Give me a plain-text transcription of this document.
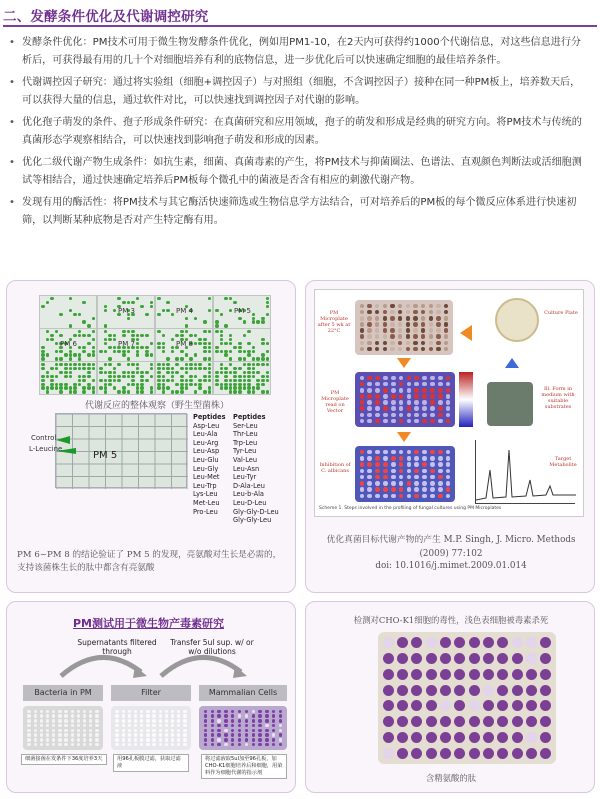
二、发酵条件优化及代谢调控研究
• 发酵条件优化：PM技术可用于微生物发酵条件优化，例如用PM1-10，在2天内可获得约1000个代谢信息，对这些信息进行分析后，可获得最有用的几十个对细胞培养有利的底物信息，进一步优化后可以快速确定细胞的最佳培养条件。
• 代谢调控因子研究：通过将实验组（细胞+调控因子）与对照组（细胞，不含调控因子）接种在同一种PM板上，培养数天后，可以获得大量的信息，通过软件对比，可以快速找到调控因子对代谢的影响。
• 优化孢子萌发的条件、孢子形成条件研究：在真菌研究和应用领域，孢子的萌发和形成是经典的研究方向。将PM技术与传统的真菌形态学观察相结合，可以快速找到影响孢子萌发和形成的因素。
• 优化二级代谢产物生成条件：如抗生素，细菌、真菌毒素的产生，将PM技术与抑菌圈法、色谱法、直观颜色判断法或活细胞测试等相结合，通过快速确定培养后PM板每个微孔中的菌液是否含有相应的刺激代谢产物。
• 发现有用的酶活性：将PM技术与其它酶活快速筛选或生物信息学方法结合，可对培养后的PM板的每个微反应体系进行快速初筛，以判断某种底物是否对产生特定酶有用。
PM 3	PM 4	PM 5
PM 6	PM 7	PM 8
代谢反应的整体观察（野生型菌株）
Control
L-Leucine
PM 5
Peptides
Asp-Leu
Leu-Ala
Leu-Arg
Leu-Asp
Leu-Glu
Leu-Gly
Leu-Met
Leu-Trp
Lys-Leu
Met-Leu
Pro-Leu
Peptides
Ser-Leu
Thr-Leu
Trp-Leu
Tyr-Leu
Val-Leu
Leu-Asn
Leu-Tyr
D-Ala-Leu
Leu-b-Ala
Leu-D-Leu
Gly-Gly-D-Leu
Gly-Gly-Leu
PM 6~PM 8 的结论验证了 PM 5 的发现，亮氨酸对生长是必需的，支持该菌株生长的肽中都含有亮氨酸
PM Microplate after 5 wk at 22°C
Culture Plate
PM Microplate read on Vector
Ill. Form in medium with suitable substrates
Inhibition of C. albicans
Target Metabolite
Scheme 1. Steps involved in the profiling of fungal cultures using PM Microplates
优化真菌目标代谢产物的产生 M.P. Singh, J. Micro. Methods (2009) 77:102
doi: 10.1016/j.mimet.2009.01.014
PM测试用于微生物产毒素研究
Supernatants filtered through
Transfer 5ul sup. w/ or w/o dilutions
Bacteria in PM	Filter	Mammalian Cells
细菌接菌在发条件下36度培养3天	用96孔板膜过滤，获取过滤液
将过滤液取5ul加至96孔板，加CHO-K1细胞培养后和细胞，用染料作为细胞代谢的指示剂
检测对CHO-K1细胞的毒性，浅色表细胞被毒素杀死
含精氨酸的肽
